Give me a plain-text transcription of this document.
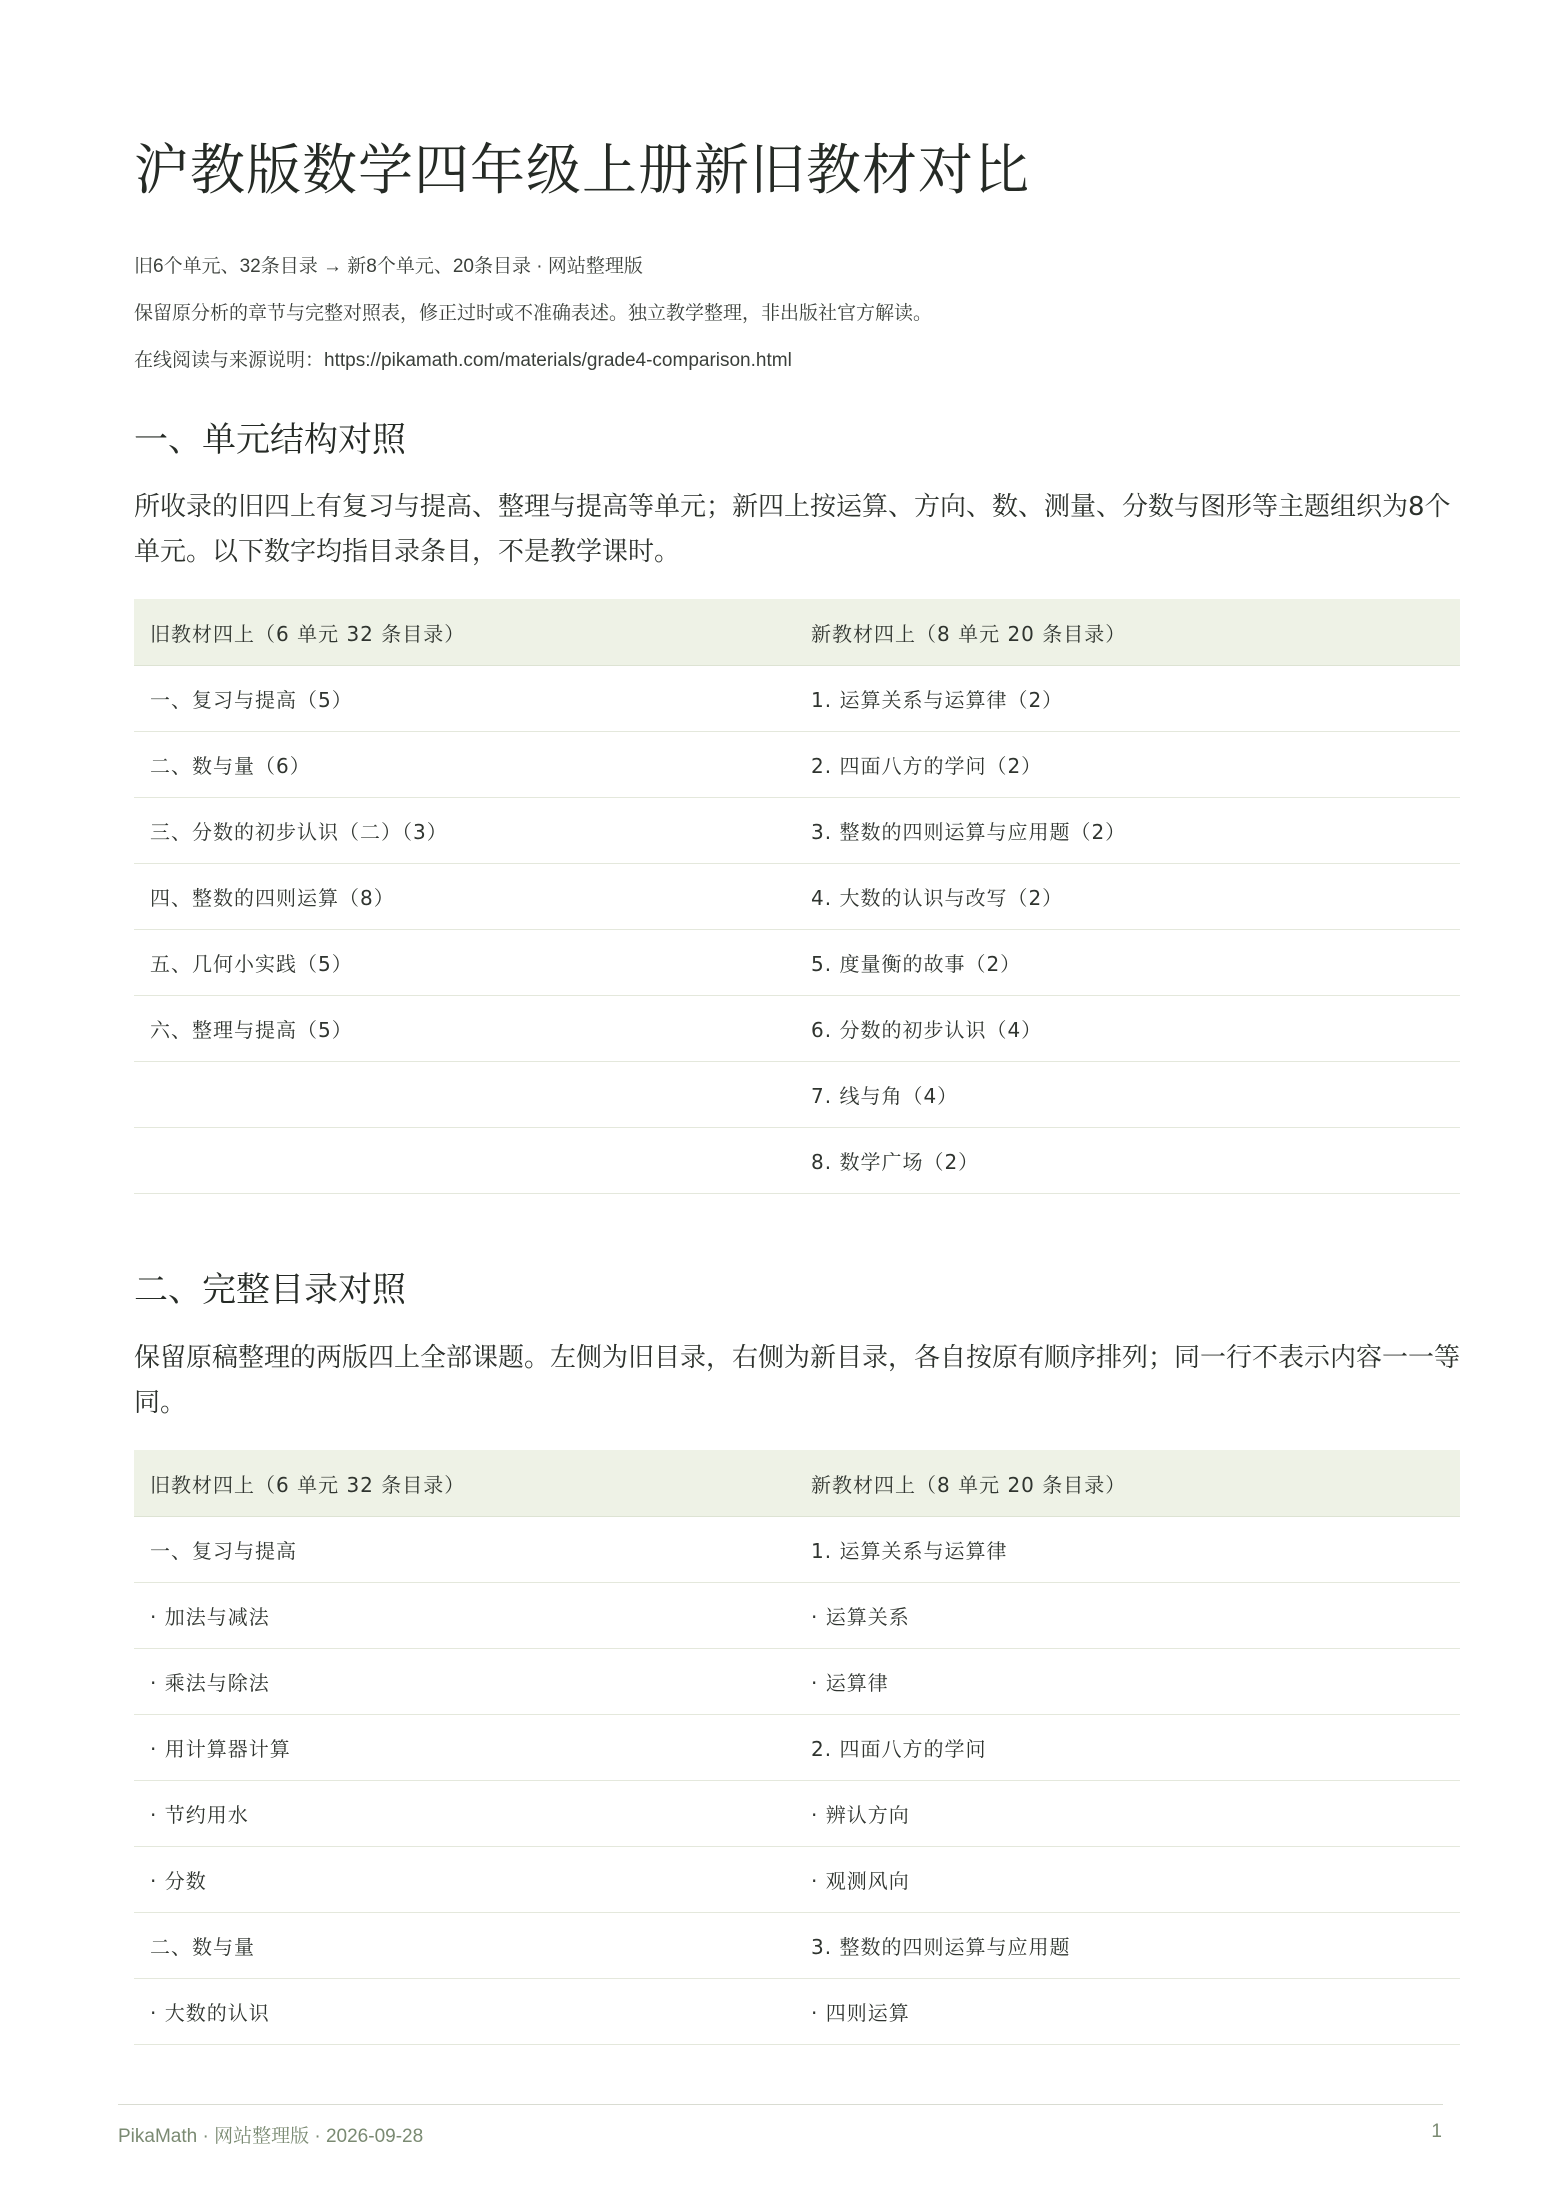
沪教版数学四年级上册新旧教材对比

旧6个单元、32条目录 → 新8个单元、20条目录 · 网站整理版

保留原分析的章节与完整对照表，修正过时或不准确表述。独立教学整理，非出版社官方解读。

在线阅读与来源说明：https://pikamath.com/materials/grade4-comparison.html

一、单元结构对照

所收录的旧四上有复习与提高、整理与提高等单元；新四上按运算、方向、数、测量、分数与图形等主题组织为8个单元。以下数字均指目录条目，不是教学课时。

旧教材四上（6 单元 32 条目录）	新教材四上（8 单元 20 条目录）
一、复习与提高（5）	1. 运算关系与运算律（2）
二、数与量（6）	2. 四面八方的学问（2）
三、分数的初步认识（二）（3）	3. 整数的四则运算与应用题（2）
四、整数的四则运算（8）	4. 大数的认识与改写（2）
五、几何小实践（5）	5. 度量衡的故事（2）
六、整理与提高（5）	6. 分数的初步认识（4）
	7. 线与角（4）
	8. 数学广场（2）
二、完整目录对照

保留原稿整理的两版四上全部课题。左侧为旧目录，右侧为新目录，各自按原有顺序排列；同一行不表示内容一一等同。

旧教材四上（6 单元 32 条目录）	新教材四上（8 单元 20 条目录）
一、复习与提高	1. 运算关系与运算律
· 加法与减法	· 运算关系
· 乘法与除法	· 运算律
· 用计算器计算	2. 四面八方的学问
· 节约用水	· 辨认方向
· 分数	· 观测风向
二、数与量	3. 整数的四则运算与应用题
· 大数的认识	· 四则运算
PikaMath · 网站整理版 · 2026-09-28	1
